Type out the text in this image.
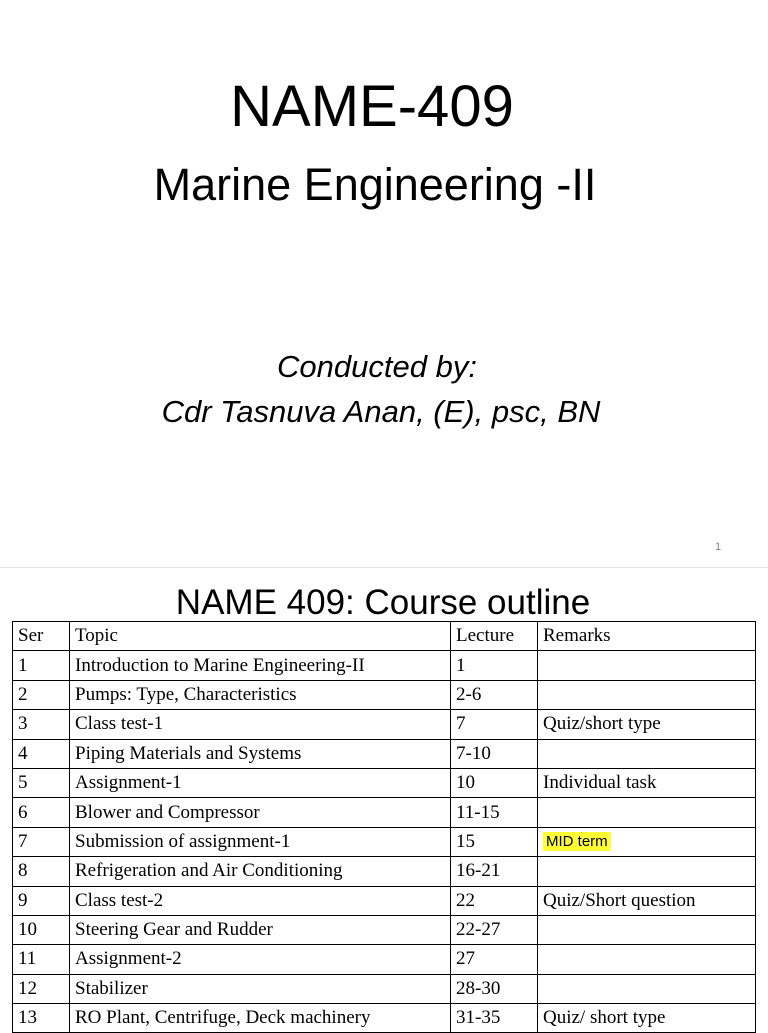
NAME-409
Marine Engineering -II
Conducted by:
Cdr Tasnuva Anan, (E), psc, BN
1
NAME 409: Course outline
Ser	Topic	Lecture	Remarks
1	Introduction to Marine Engineering-II	1	
2	Pumps: Type, Characteristics	2-6	
3	Class test-1	7	Quiz/short type
4	Piping Materials and Systems	7-10	
5	Assignment-1	10	Individual task
6	Blower and Compressor	11-15	
7	Submission of assignment-1	15	MID term
8	Refrigeration and Air Conditioning	16-21	
9	Class test-2	22	Quiz/Short question
10	Steering Gear and Rudder	22-27	
11	Assignment-2	27	
12	Stabilizer	28-30	
13	RO Plant, Centrifuge, Deck machinery	31-35	Quiz/ short type
